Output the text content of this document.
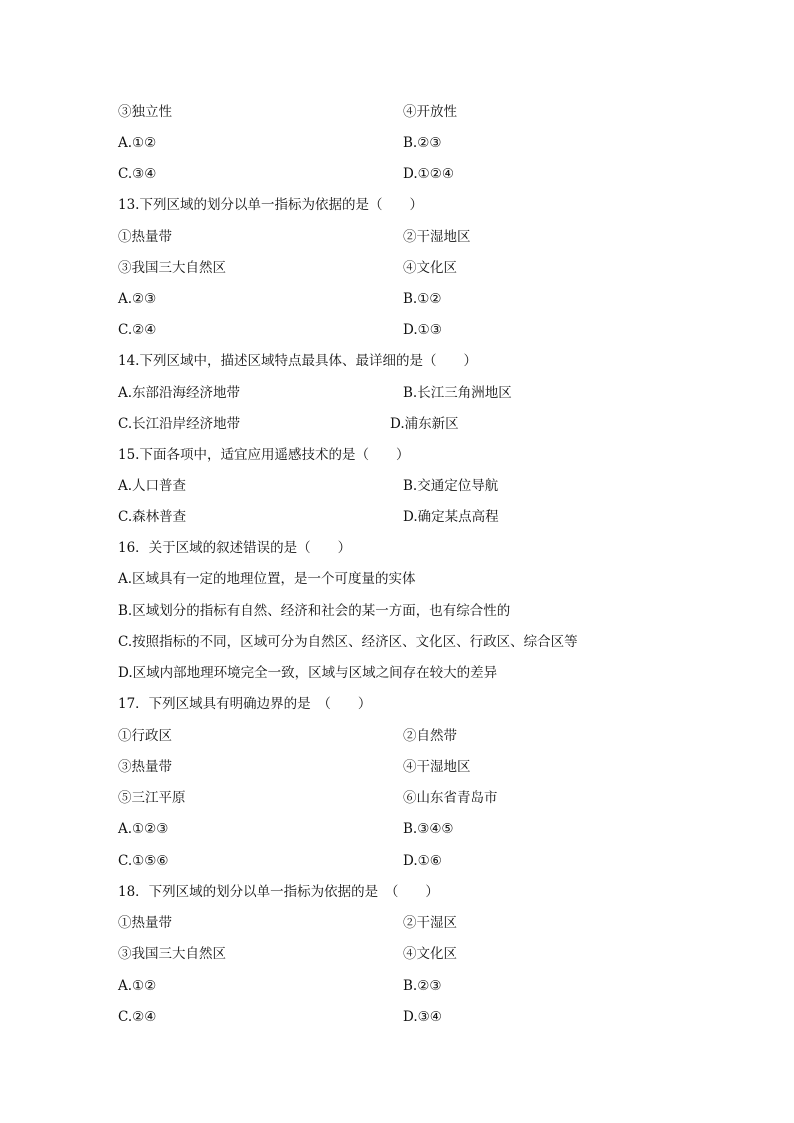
③独立性	④开放性
A.①②	B.②③
C.③④	D.①②④
13.下列区域的划分以单一指标为依据的是（　　）
①热量带	②干湿地区
③我国三大自然区	④文化区
A.②③	B.①②
C.②④	D.①③
14.下列区域中，描述区域特点最具体、最详细的是（　　）
A.东部沿海经济地带	B.长江三角洲地区
C.长江沿岸经济地带	D.浦东新区
15.下面各项中，适宜应用遥感技术的是（　　）
A.人口普查	B.交通定位导航
C.森林普查	D.确定某点高程
16．关于区域的叙述错误的是（　　）
A.区域具有一定的地理位置，是一个可度量的实体
B.区域划分的指标有自然、经济和社会的某一方面，也有综合性的
C.按照指标的不同，区域可分为自然区、经济区、文化区、行政区、综合区等
D.区域内部地理环境完全一致，区域与区域之间存在较大的差异
17．下列区域具有明确边界的是　（　　）
①行政区	②自然带
③热量带	④干湿地区
⑤三江平原	⑥山东省青岛市
A.①②③	B.③④⑤
C.①⑤⑥	D.①⑥
18．下列区域的划分以单一指标为依据的是　（　　）
①热量带	②干湿区
③我国三大自然区	④文化区
A.①②	B.②③
C.②④	D.③④
